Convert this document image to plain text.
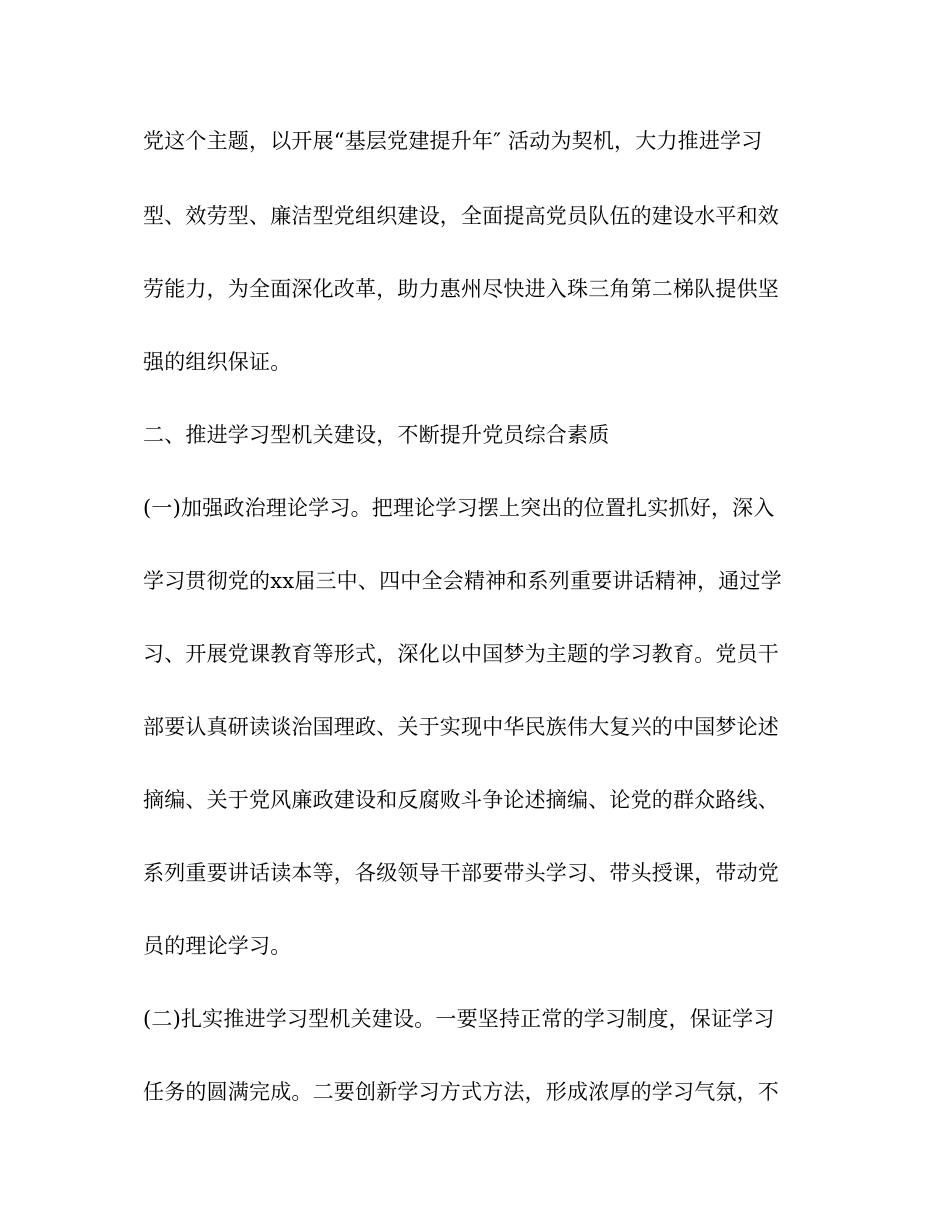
党这个主题，以开展“基层党建提升年″ 活动为契机，大力推进学习
型、效劳型、廉洁型党组织建设，全面提高党员队伍的建设水平和效
劳能力，为全面深化改革，助力惠州尽快进入珠三角第二梯队提供坚
强的组织保证。
二、推进学习型机关建设，不断提升党员综合素质
(一)加强政治理论学习。把理论学习摆上突出的位置扎实抓好，深入
学习贯彻党的xx届三中、四中全会精神和系列重要讲话精神，通过学
习、开展党课教育等形式，深化以中国梦为主题的学习教育。党员干
部要认真研读谈治国理政、关于实现中华民族伟大复兴的中国梦论述
摘编、关于党风廉政建设和反腐败斗争论述摘编、论党的群众路线、
系列重要讲话读本等，各级领导干部要带头学习、带头授课，带动党
员的理论学习。
(二)扎实推进学习型机关建设。一要坚持正常的学习制度，保证学习
任务的圆满完成。二要创新学习方式方法，形成浓厚的学习气氛，不
